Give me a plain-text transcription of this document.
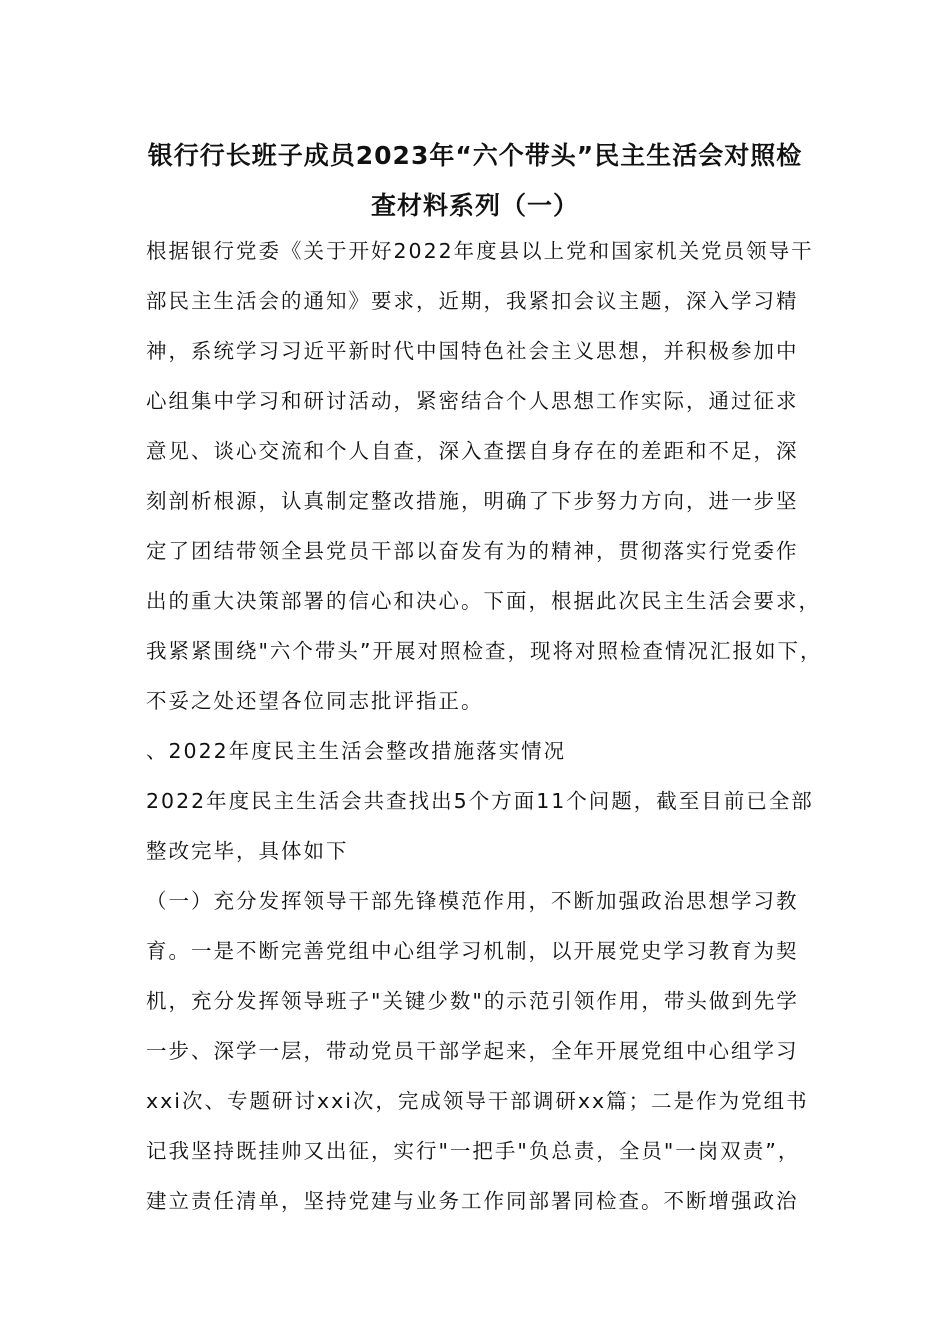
银行行长班子成员2023年“六个带头”民主生活会对照检
查材料系列（一）
根据银行党委《关于开好2022年度县以上党和国家机关党员领导干
部民主生活会的通知》要求，近期，我紧扣会议主题，深入学习精
神，系统学习习近平新时代中国特色社会主义思想，并积极参加中
心组集中学习和研讨活动，紧密结合个人思想工作实际，通过征求
意见、谈心交流和个人自查，深入查摆自身存在的差距和不足，深
刻剖析根源，认真制定整改措施，明确了下步努力方向，进一步坚
定了团结带领全县党员干部以奋发有为的精神，贯彻落实行党委作
出的重大决策部署的信心和决心。下面，根据此次民主生活会要求，
我紧紧围绕"六个带头”开展对照检查，现将对照检查情况汇报如下，
不妥之处还望各位同志批评指正。
、2022年度民主生活会整改措施落实情况
2022年度民主生活会共查找出5个方面11个问题，截至目前已全部
整改完毕，具体如下
（一）充分发挥领导干部先锋模范作用，不断加强政治思想学习教
育。一是不断完善党组中心组学习机制，以开展党史学习教育为契
机，充分发挥领导班子"关键少数"的示范引领作用，带头做到先学
一步、深学一层，带动党员干部学起来，全年开展党组中心组学习
xxi次、专题研讨xxi次，完成领导干部调研xx篇；二是作为党组书
记我坚持既挂帅又出征，实行"一把手"负总责，全员"一岗双责”，
建立责任清单，坚持党建与业务工作同部署同检查。不断增强政治
